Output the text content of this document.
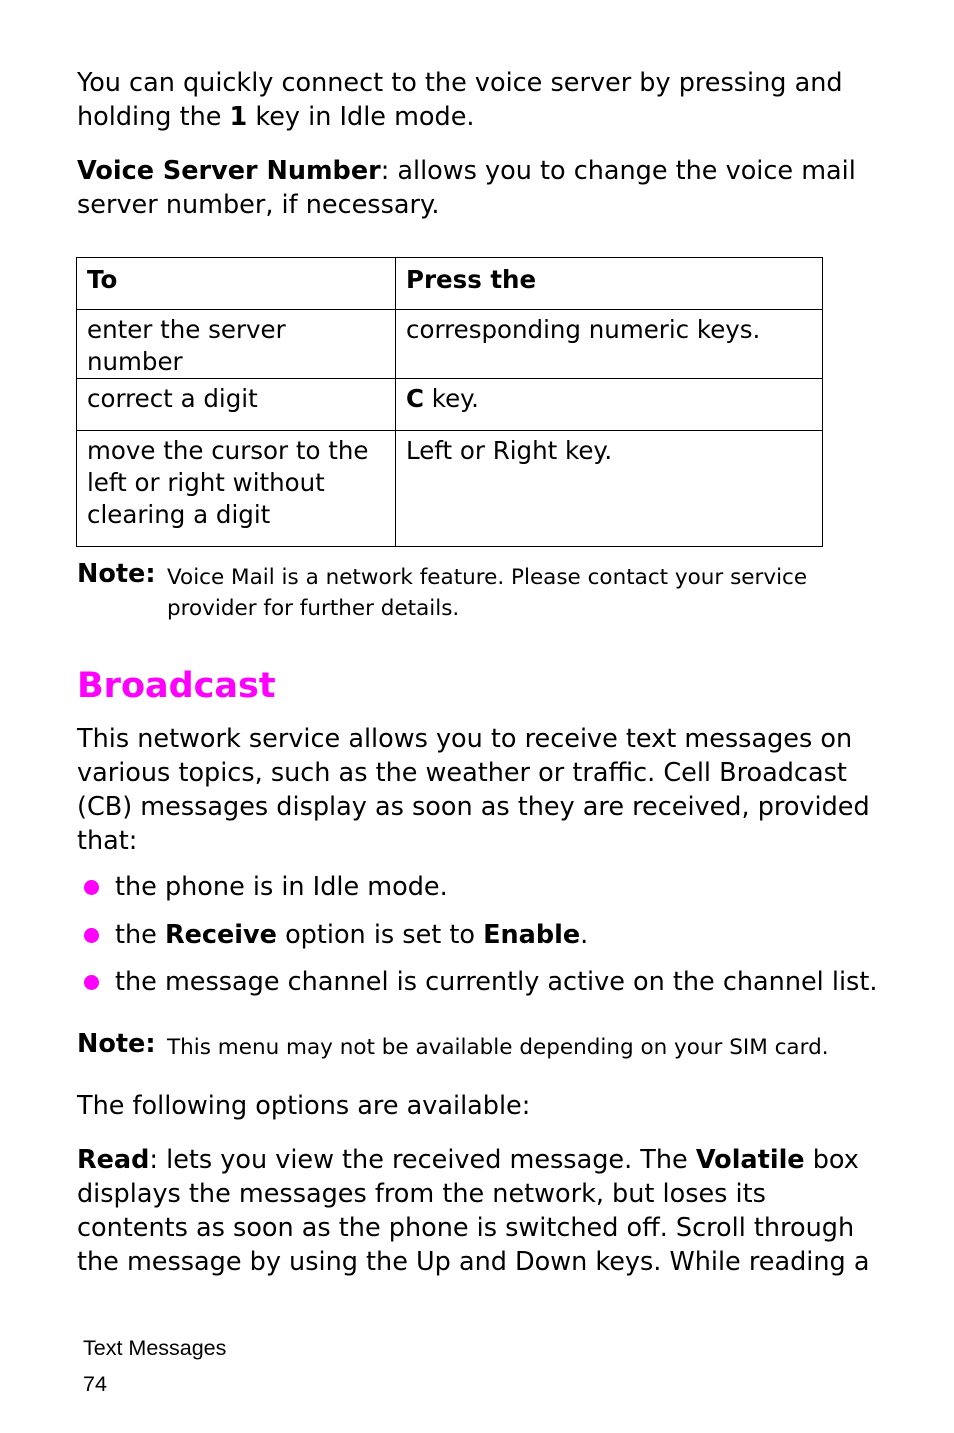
You can quickly connect to the voice server by pressing and holding the 1 key in Idle mode.

Voice Server Number: allows you to change the voice mail server number, if necessary.

To	Press the
enter the server number	corresponding numeric keys.
correct a digit	C key.
move the cursor to the left or right without clearing a digit	Left or Right key.
Note: Voice Mail is a network feature. Please contact your service provider for further details.
Broadcast

This network service allows you to receive text messages on various topics, such as the weather or traffic. Cell Broadcast (CB) messages display as soon as they are received, provided that:

the phone is in Idle mode.
the Receive option is set to Enable.
the message channel is currently active on the channel list.
Note: This menu may not be available depending on your SIM card.

The following options are available:

Read: lets you view the received message. The Volatile box displays the messages from the network, but loses its contents as soon as the phone is switched off. Scroll through the message by using the Up and Down keys. While reading a

Text Messages
74
